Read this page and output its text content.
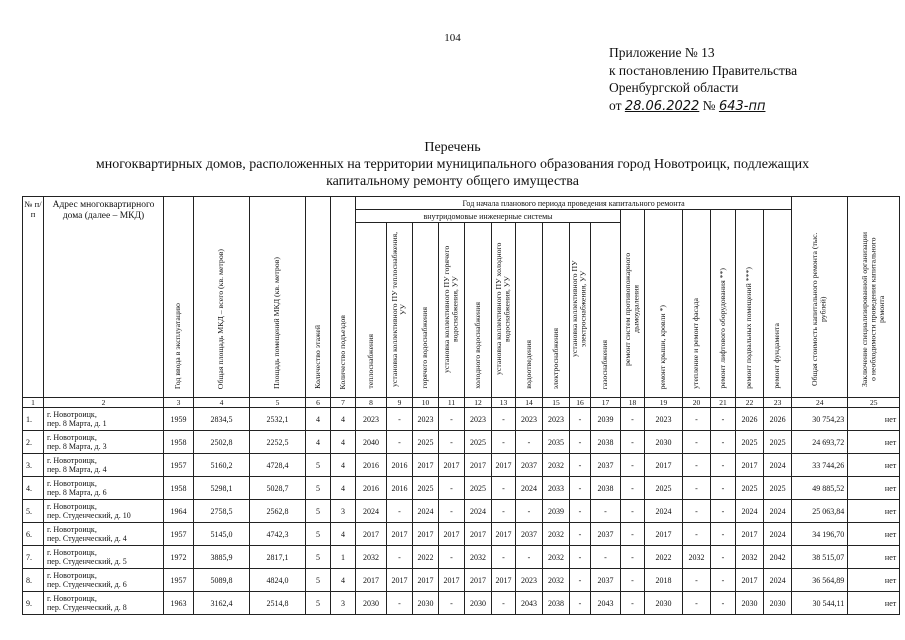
104
Приложение № 13
к постановлению Правительства
Оренбургской области
от 28.06.2022 № 643-пп
Перечень
многоквартирных домов, расположенных на территории муниципального образования город Новотроицк, подлежащих
капитальному ремонту общего имущества
№ п/п	Адрес многоквартирного дома (далее – МКД)	Год ввода в эксплуатацию	Общая площадь МКД – всего (кв. метров)	Площадь помещений МКД (кв. метров)	Количество этажей	Количество подъездов	Год начала планового периода проведения капитального ремонта																Общая стоимость капитального ремонта (тыс. рублей)	Заключение специализированной организации о необходимости проведения капитального ремонта
							внутридомовые инженерные системы										ремонт систем противопожарного дымоудаления	ремонт крыши, кровли *)	утепление и ремонт фасада	ремонт лифтового оборудования **)	ремонт подвальных помещений ***)	ремонт фундамента		
							теплоснабжения	установка коллективного ПУ теплоснабжения, УУ	горячего водоснабжения	установка коллективного ПУ горячего водоснабжения, УУ	холодного водоснабжения	установка коллективного ПУ холодного водоснабжения, УУ	водоотведения	электроснабжения	установка коллективного ПУ электроснабжения, УУ	газоснабжения								
1	2	3	4	5	6	7	8	9	10	11	12	13	14	15	16	17	18	19	20	21	22	23	24	25
1.	г. Новотроицк,
пер. 8 Марта, д. 1	1959	2834,5	2532,1	4	4	2023	-	2023	-	2023	-	2023	2023	-	2039	-	2023	-	-	2026	2026	30 754,23	нет
2.	г. Новотроицк,
пер. 8 Марта, д. 3	1958	2502,8	2252,5	4	4	2040	-	2025	-	2025	-	-	2035	-	2038	-	2030	-	-	2025	2025	24 693,72	нет
3.	г. Новотроицк,
пер. 8 Марта, д. 4	1957	5160,2	4728,4	5	4	2016	2016	2017	2017	2017	2017	2037	2032	-	2037	-	2017	-	-	2017	2024	33 744,26	нет
4.	г. Новотроицк,
пер. 8 Марта, д. 6	1958	5298,1	5028,7	5	4	2016	2016	2025	-	2025	-	2024	2033	-	2038	-	2025	-	-	2025	2025	49 885,52	нет
5.	г. Новотроицк,
пер. Студенческий, д. 10	1964	2758,5	2562,8	5	3	2024	-	2024	-	2024	-	-	2039	-	-	-	2024	-	-	2024	2024	25 063,84	нет
6.	г. Новотроицк,
пер. Студенческий, д. 4	1957	5145,0	4742,3	5	4	2017	2017	2017	2017	2017	2017	2037	2032	-	2037	-	2017	-	-	2017	2024	34 196,70	нет
7.	г. Новотроицк,
пер. Студенческий, д. 5	1972	3885,9	2817,1	5	1	2032	-	2022	-	2032	-	-	2032	-	-	-	2022	2032	-	2032	2042	38 515,07	нет
8.	г. Новотроицк,
пер. Студенческий, д. 6	1957	5089,8	4824,0	5	4	2017	2017	2017	2017	2017	2017	2023	2032	-	2037	-	2018	-	-	2017	2024	36 564,89	нет
9.	г. Новотроицк,
пер. Студенческий, д. 8	1963	3162,4	2514,8	5	3	2030	-	2030	-	2030	-	2043	2038	-	2043	-	2030	-	-	2030	2030	30 544,11	нет
